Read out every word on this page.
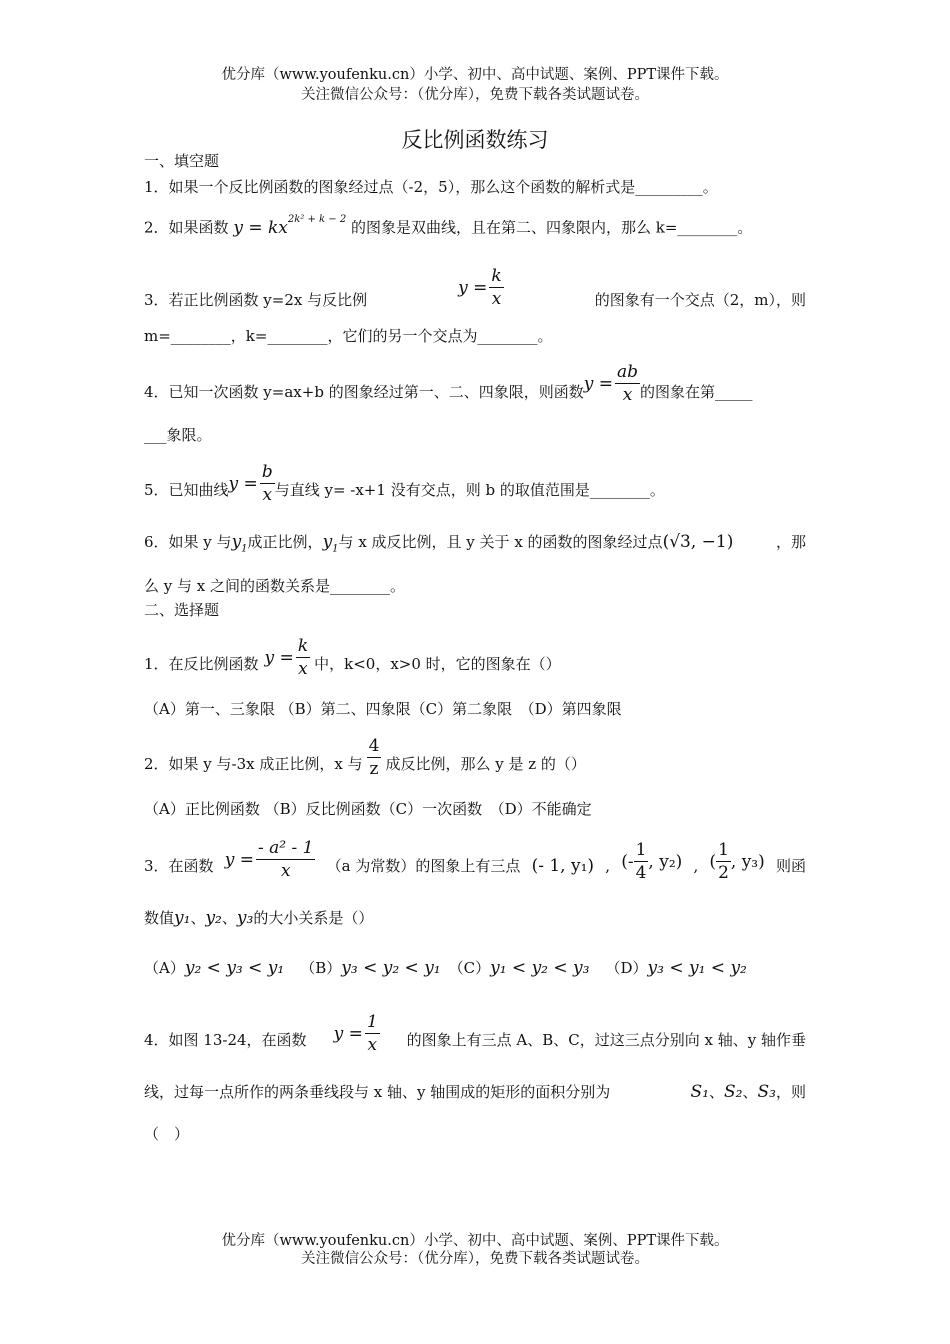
优分库（www.youfenku.cn）小学、初中、高中试题、案例、PPT课件下载。
关注微信公众号：（优分库），免费下载各类试题试卷。
反比例函数练习
一、填空题
1．如果一个反比例函数的图象经过点（-2，5），那么这个函数的解析式是_________。
2．如果函数 $y = kx^{2k^2 + k - 2}$ 的图象是双曲线，且在第二、四象限内，那么 k=________。
3．若正比例函数 y=2x 与反比例
$y = \frac{k}{x}$	的图象有一个交点（2，m），则
m=________，k=________，它们的另一个交点为________。
4．已知一次函数 y=ax+b 的图象经过第一、二、四象限，则函数 $y = \frac{ab}{x}$ 的图象在第_____
___象限。
5．已知曲线 $y = \frac{b}{x}$ 与直线 y= -x+1 没有交点，则 b 的取值范围是________。
6．如果 y 与$y_1$成正比例，$y_1$与 x 成反比例，且 y 关于 x 的函数的图象经过点(√3, −1)	，那
么 y 与 x 之间的函数关系是________。
二、选择题
1．在反比例函数 $y = \frac{k}{x}$ 中，k<0，x>0 时，它的图象在（）
（A）第一、三象限 （B）第二、四象限（C）第二象限　（D）第四象限
2．如果 y 与-3x 成正比例，x 与 $\frac{4}{z}$ 成反比例，那么 y 是 z 的（）
（A）正比例函数 （B）反比例函数（C）一次函数　（D）不能确定
3．在函数 $y = \frac{\text{- a² - 1}}{x} (a$ 为常数）的图象上有三点 (- 1, y₁) , (- $\frac{1}{4}$ , y₂) , ( $\frac{1}{2}$ , y₃) 则函
数值y₁、y₂、y₃的大小关系是（）
（A） y₂ < y₃ < y₁ （B） y₃ < y₂ < y₁ （C） y₁ < y₂ < y₃ （D） y₃ < y₁ < y₂
4．如图 13-24，在函数 $y = \frac{1}{x}$ 的图象上有三点 A、B、C，过这三点分别向 x 轴、y 轴作垂
线，过每一点所作的两条垂线段与 x 轴、y 轴围成的矩形的面积分别为	S₁、S₂、S₃，则
（　）
优分库（www.youfenku.cn）小学、初中、高中试题、案例、PPT课件下载。
关注微信公众号：（优分库），免费下载各类试题试卷。
